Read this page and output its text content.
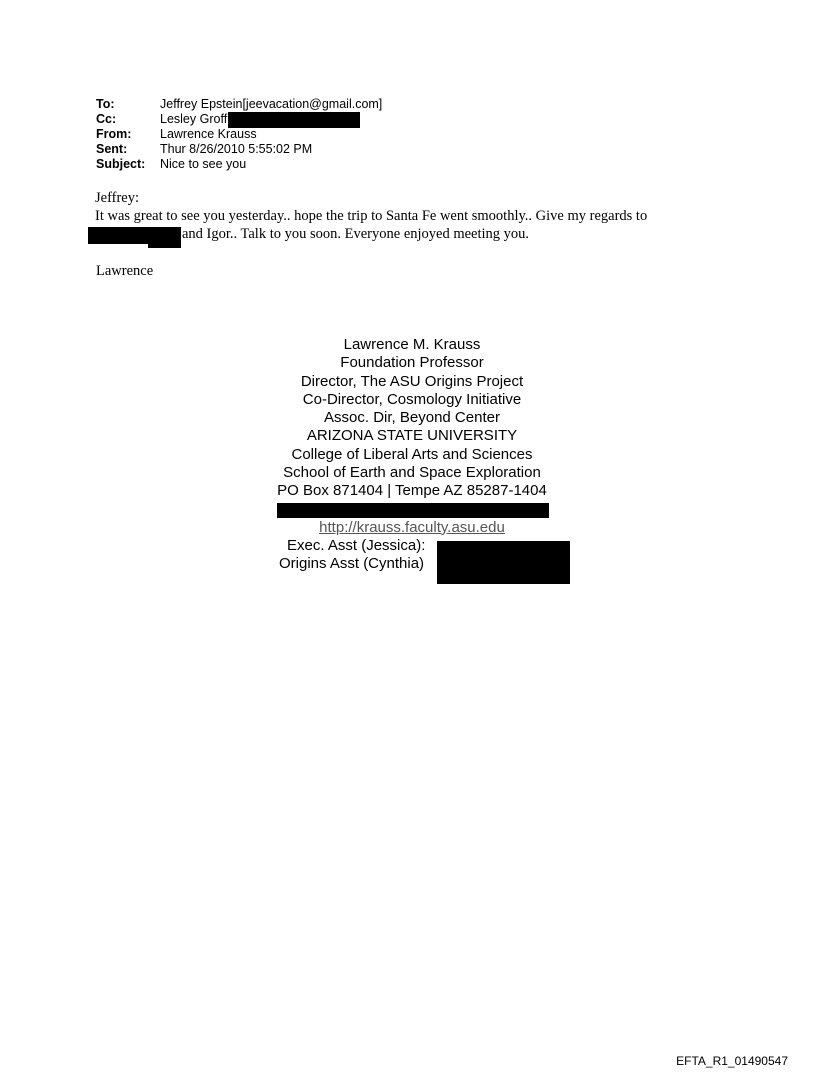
To:	Jeffrey Epstein[jeevacation@gmail.com]
Cc:	Lesley Groff
From:	Lawrence Krauss
Sent:	Thur 8/26/2010 5:55:02 PM
Subject:	Nice to see you

Jeffrey:

It was great to see you yesterday.. hope the trip to Santa Fe went smoothly.. Give my regards to

and Igor.. Talk to you soon. Everyone enjoyed meeting you.

Lawrence
Lawrence M. Krauss
Foundation Professor
Director, The ASU Origins Project
Co-Director, Cosmology Initiative
Assoc. Dir, Beyond Center
ARIZONA STATE UNIVERSITY
College of Liberal Arts and Sciences
School of Earth and Space Exploration
PO Box 871404 | Tempe AZ 85287-1404
http://krauss.faculty.asu.edu
Exec. Asst (Jessica):
Origins Asst (Cynthia)
EFTA_R1_01490547
